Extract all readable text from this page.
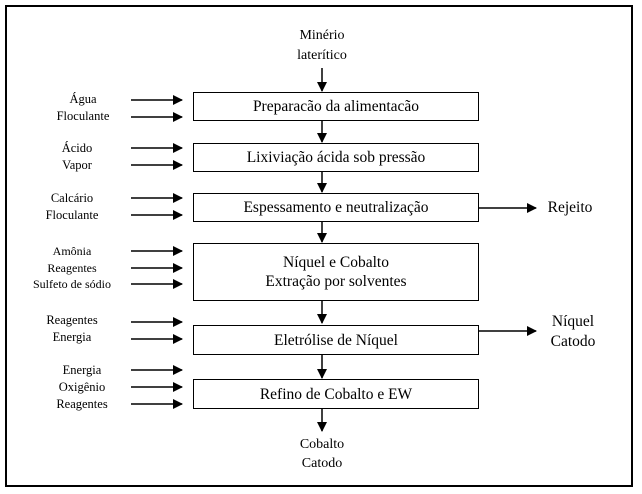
Minério
laterítico
Preparacão da alimentacão
Lixiviação ácida sob pressão
Espessamento e neutralização
Níquel e Cobalto
Extração por solventes
Eletrólise de Níquel
Refino de Cobalto e EW
Água
Floculante
Ácido
Vapor
Calcário
Floculante
Amônia
Reagentes
Sulfeto de sódio
Reagentes
Energia
Energia
Oxigênio
Reagentes
Rejeito
Níquel
Catodo
Cobalto
Catodo
